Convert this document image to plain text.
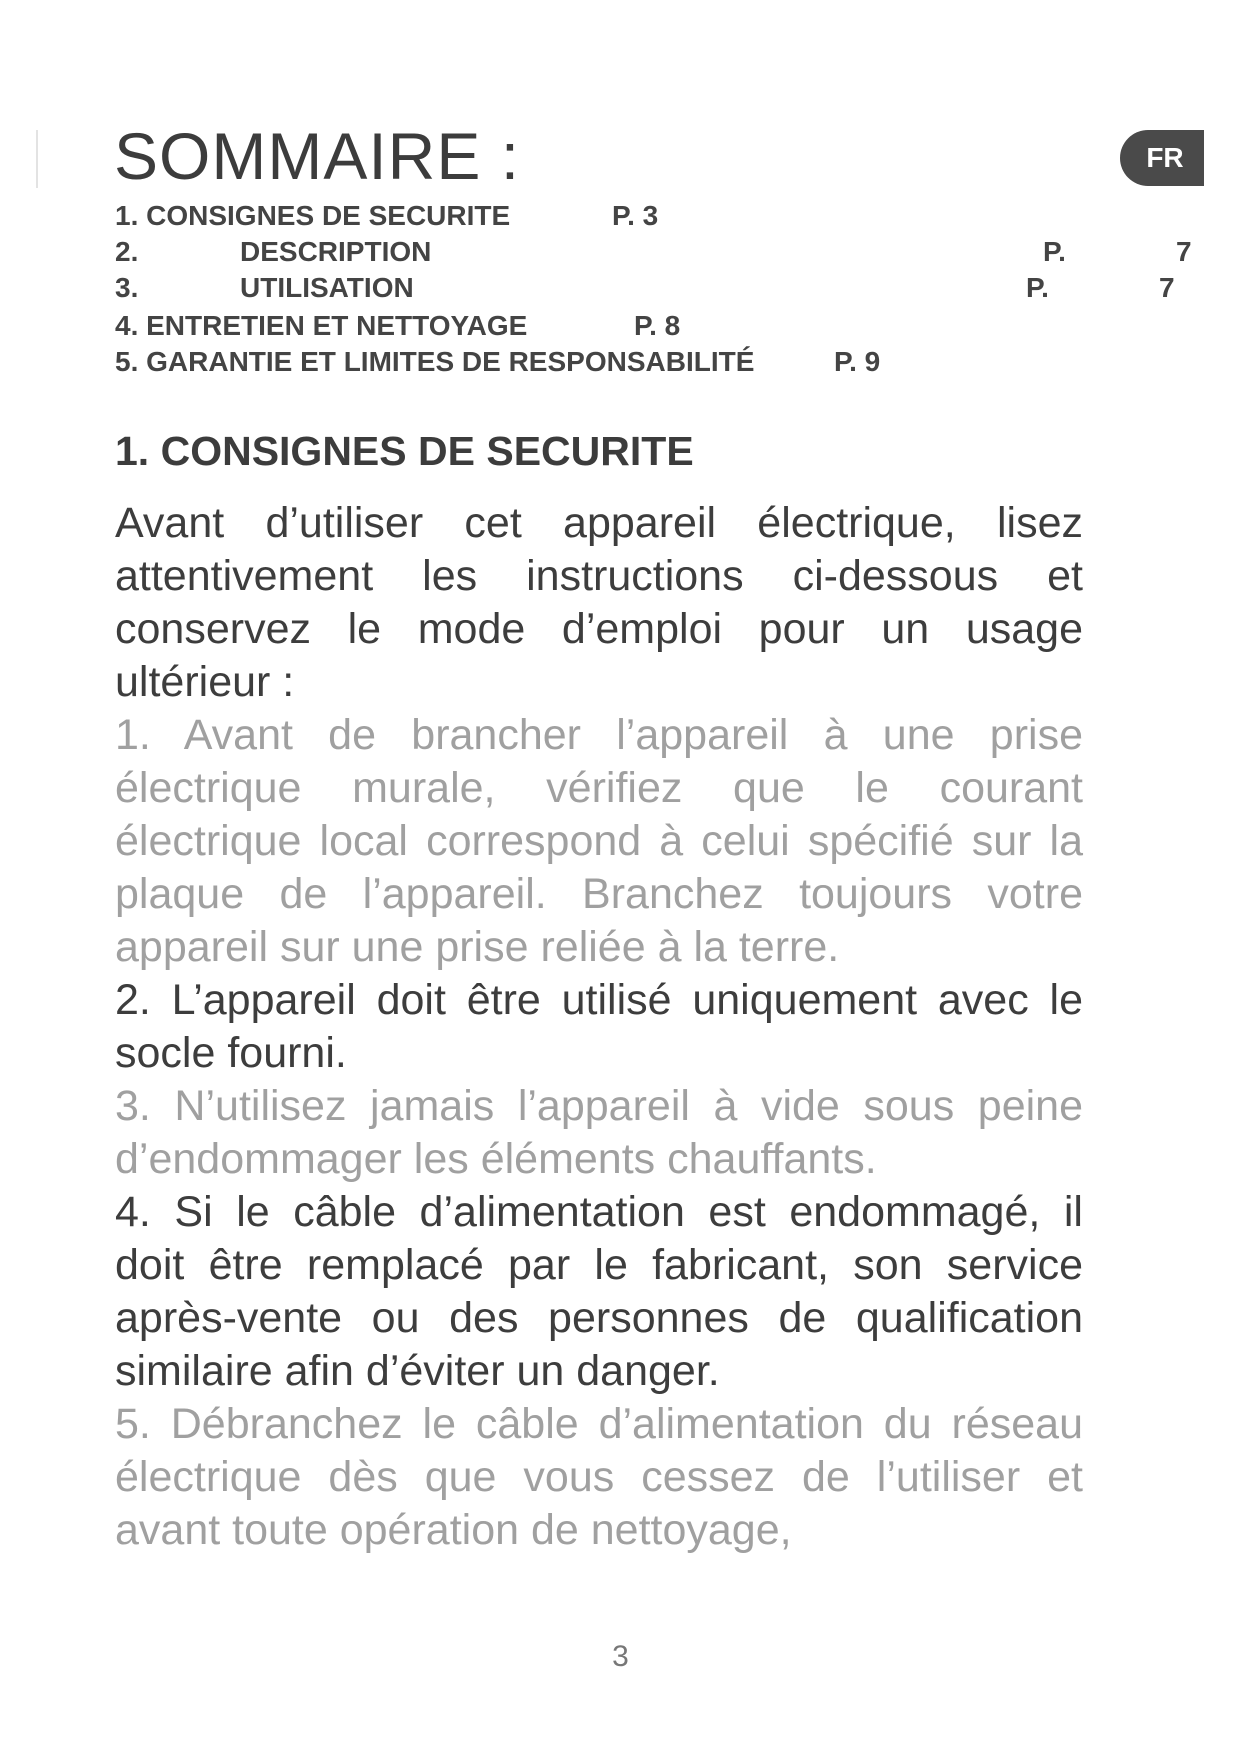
SOMMAIRE :	FR
1. CONSIGNES DE SECURITE	P. 3
2.	DESCRIPTION	P.	7
3.	UTILISATION	P.	7
4. ENTRETIEN ET NETTOYAGE	P. 8
5. GARANTIE ET LIMITES DE RESPONSABILITÉ	P. 9
1. CONSIGNES DE SECURITE

Avant d’utiliser cet appareil électrique, lisez attentivement les instructions ci-dessous et conservez le mode d’emploi pour un usage ultérieur :

1. Avant de brancher l’appareil à une prise électrique murale, vérifiez que le courant électrique local correspond à celui spécifié sur la plaque de l’appareil. Branchez toujours votre appareil sur une prise reliée à la terre.

2. L’appareil doit être utilisé uniquement avec le socle fourni.

3. N’utilisez jamais l’appareil à vide sous peine d’endommager les éléments chauffants.

4. Si le câble d’alimentation est endommagé, il doit être remplacé par le fabricant, son service après-vente ou des personnes de qualification similaire afin d’éviter un danger.

5. Débranchez le câble d’alimentation du réseau électrique dès que vous cessez de l’utiliser et avant toute opération de nettoyage,

3
